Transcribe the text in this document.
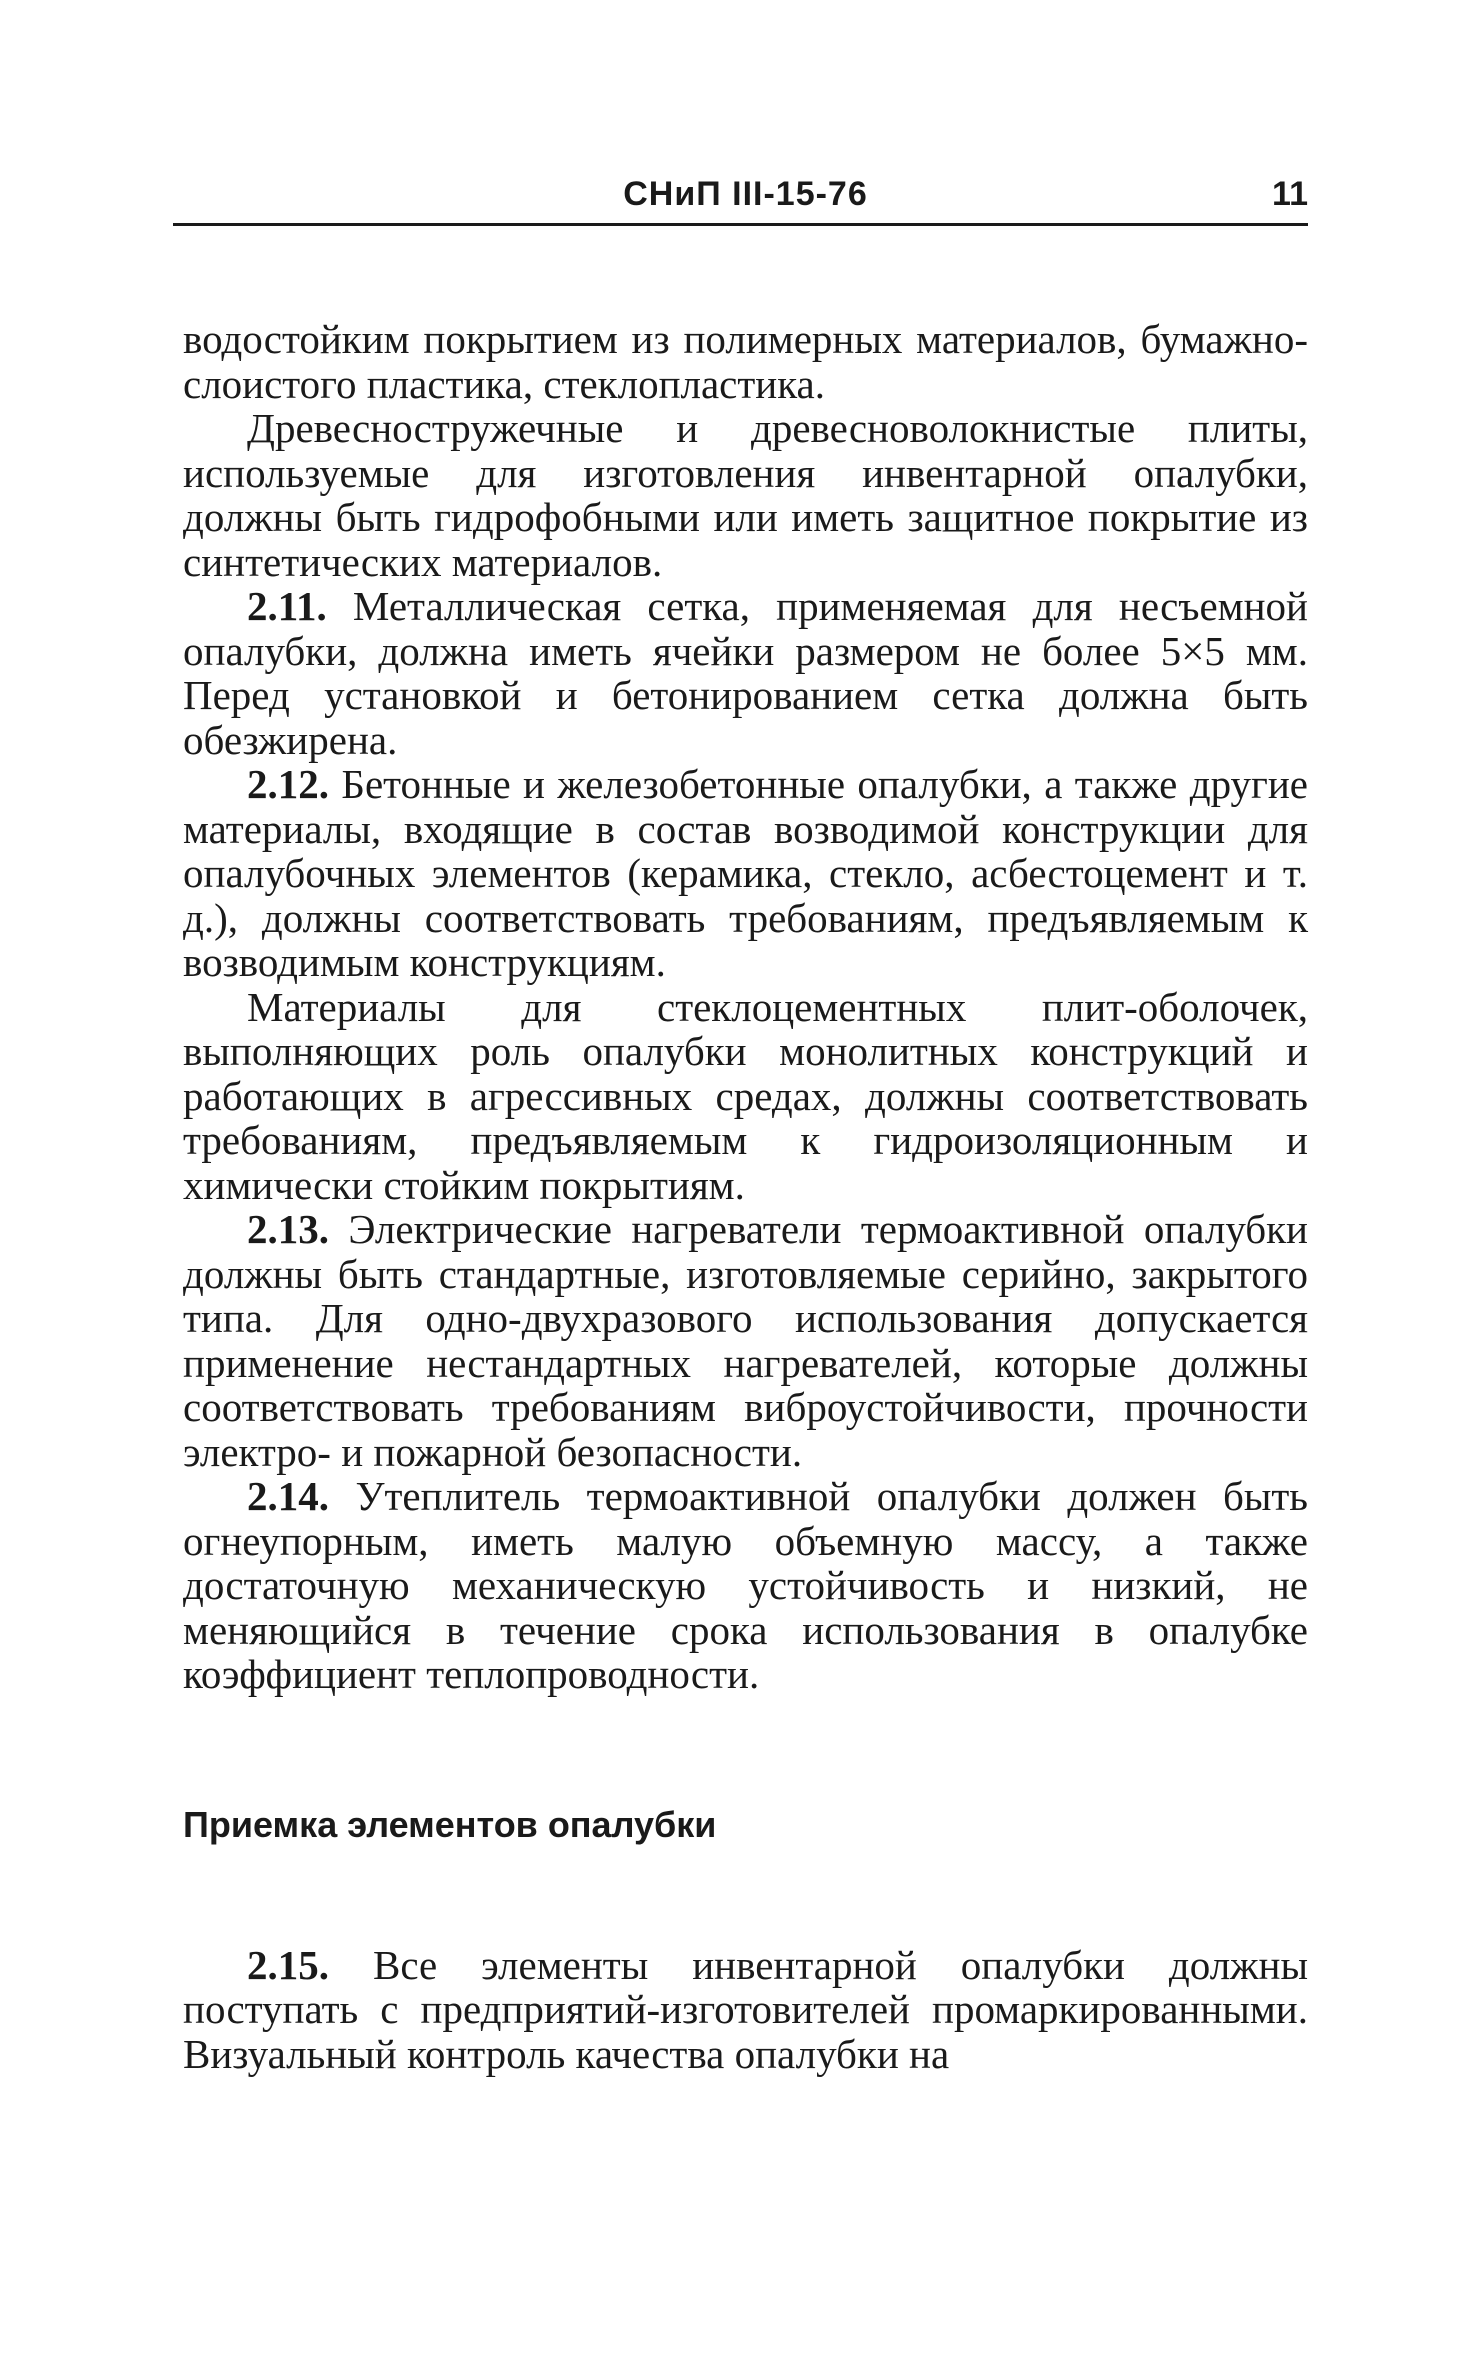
СНиП III-15-76	11

водостойким покрытием из полимерных материалов, бумажно-слоистого пластика, стеклопластика.

Древесностружечные и древесноволокнистые плиты, используемые для изготовления инвентарной опалубки, должны быть гидрофобными или иметь защитное покрытие из синтетических материалов.

2.11. Металлическая сетка, применяемая для несъемной опалубки, должна иметь ячейки размером не более 5×5 мм. Перед установкой и бетонированием сетка должна быть обезжирена.

2.12. Бетонные и железобетонные опалубки, а также другие материалы, входящие в состав возводимой конструкции для опалубочных элементов (керамика, стекло, асбестоцемент и т. д.), должны соответствовать требованиям, предъявляемым к возводимым конструкциям.

Материалы для стеклоцементных плит-оболочек, выполняющих роль опалубки монолитных конструкций и работающих в агрессивных средах, должны соответствовать требованиям, предъявляемым к гидроизоляционным и химически стойким покрытиям.

2.13. Электрические нагреватели термоактивной опалубки должны быть стандартные, изготовляемые серийно, закрытого типа. Для одно-двухразового использования допускается применение нестандартных нагревателей, которые должны соответствовать требованиям виброустойчивости, прочности электро- и пожарной безопасности.

2.14. Утеплитель термоактивной опалубки должен быть огнеупорным, иметь малую объемную массу, а также достаточную механическую устойчивость и низкий, не меняющийся в течение срока использования в опалубке коэффициент теплопроводности.

Приемка элементов опалубки

2.15. Все элементы инвентарной опалубки должны поступать с предприятий-изготовителей промаркированными. Визуальный контроль качества опалубки на
